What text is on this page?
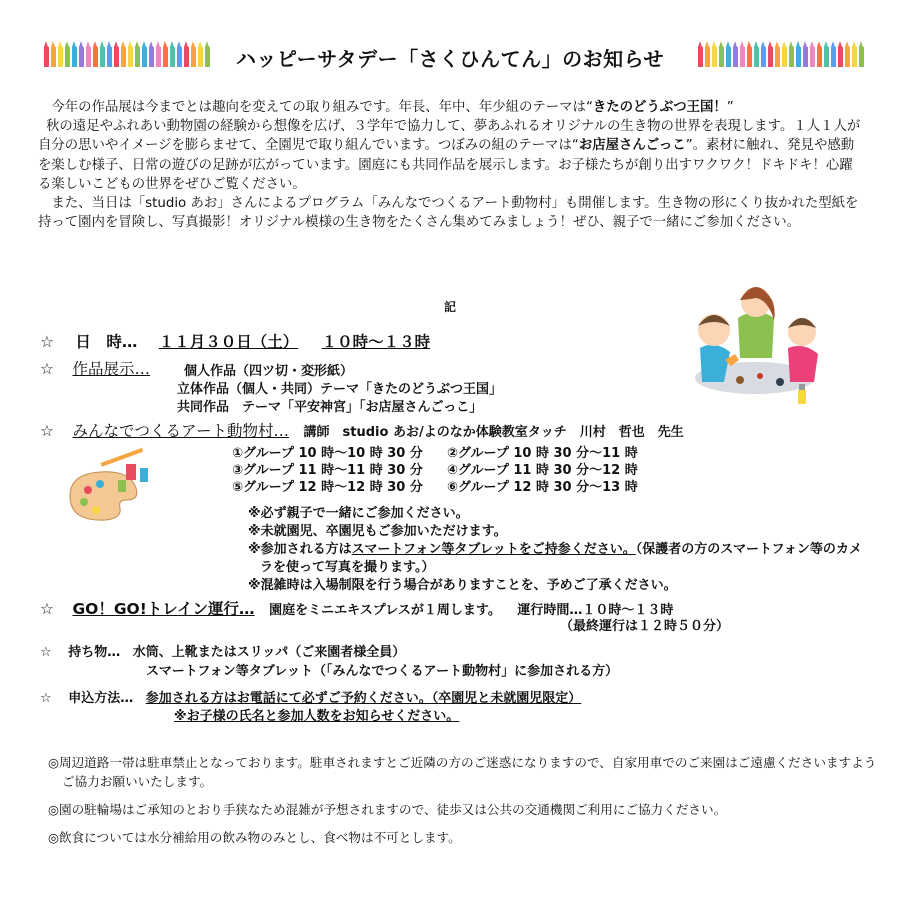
ハッピーサタデー「さくひんてん」のお知らせ

今年の作品展は今までとは趣向を変えての取り組みです。年長、年中、年少組のテーマは“きたのどうぶつ王国！”

秋の遠足やふれあい動物園の経験から想像を広げ、３学年で協力して、夢あふれるオリジナルの生き物の世界を表現します。１人１人が自分の思いやイメージを膨らませて、全園児で取り組んでいます。つぼみの組のテーマは“お店屋さんごっこ”。素材に触れ、発見や感動を楽しむ様子、日常の遊びの足跡が広がっています。園庭にも共同作品を展示します。お子様たちが創り出すワクワク！ドキドキ！心躍る楽しいこどもの世界をぜひご覧ください。

また、当日は「studio あお」さんによるプログラム「みんなでつくるアート動物村」も開催します。生き物の形にくり抜かれた型紙を持って園内を冒険し、写真撮影！オリジナル模様の生き物をたくさん集めてみましょう！ぜひ、親子で一緒にご参加ください。

記
☆ 日　時… １１月３０日（土） １０時～１３時
☆ 作品展示…	個人作品（四ツ切・変形紙）
立体作品（個人・共同）テーマ「きたのどうぶつ王国」
共同作品　テーマ「平安神宮」「お店屋さんごっこ」
☆ みんなでつくるアート動物村… 講師　studio あお/よのなか体験教室タッチ　川村　哲也　先生
①グループ 10 時～10 時 30 分 ②グループ 10 時 30 分～11 時
③グループ 11 時～11 時 30 分 ④グループ 11 時 30 分～12 時
⑤グループ 12 時～12 時 30 分 ⑥グループ 12 時 30 分～13 時
※必ず親子で一緒にご参加ください。
※未就園児、卒園児もご参加いただけます。
※参加される方はスマートフォン等タブレットをご持参ください。（保護者の方のスマートフォン等のカメラを使って写真を撮ります。）
※混雑時は入場制限を行う場合がありますことを、予めご了承ください。
☆ GO！GO!トレイン運行… 園庭をミニエキスプレスが１周します。 運行時間…１０時～１３時
（最終運行は１２時５０分）
☆ 持ち物… 水筒、上靴またはスリッパ（ご来園者様全員）
スマートフォン等タブレット（「みんなでつくるアート動物村」に参加される方）
☆ 申込方法… 参加される方はお電話にて必ずご予約ください。（卒園児と未就園児限定）
※お子様の氏名と参加人数をお知らせください。

◎周辺道路一帯は駐車禁止となっております。駐車されますとご近隣の方のご迷惑になりますので、自家用車でのご来園はご遠慮くださいますようご協力お願いいたします。

◎園の駐輪場はご承知のとおり手狭なため混雑が予想されますので、徒歩又は公共の交通機関ご利用にご協力ください。

◎飲食については水分補給用の飲み物のみとし、食べ物は不可とします。
